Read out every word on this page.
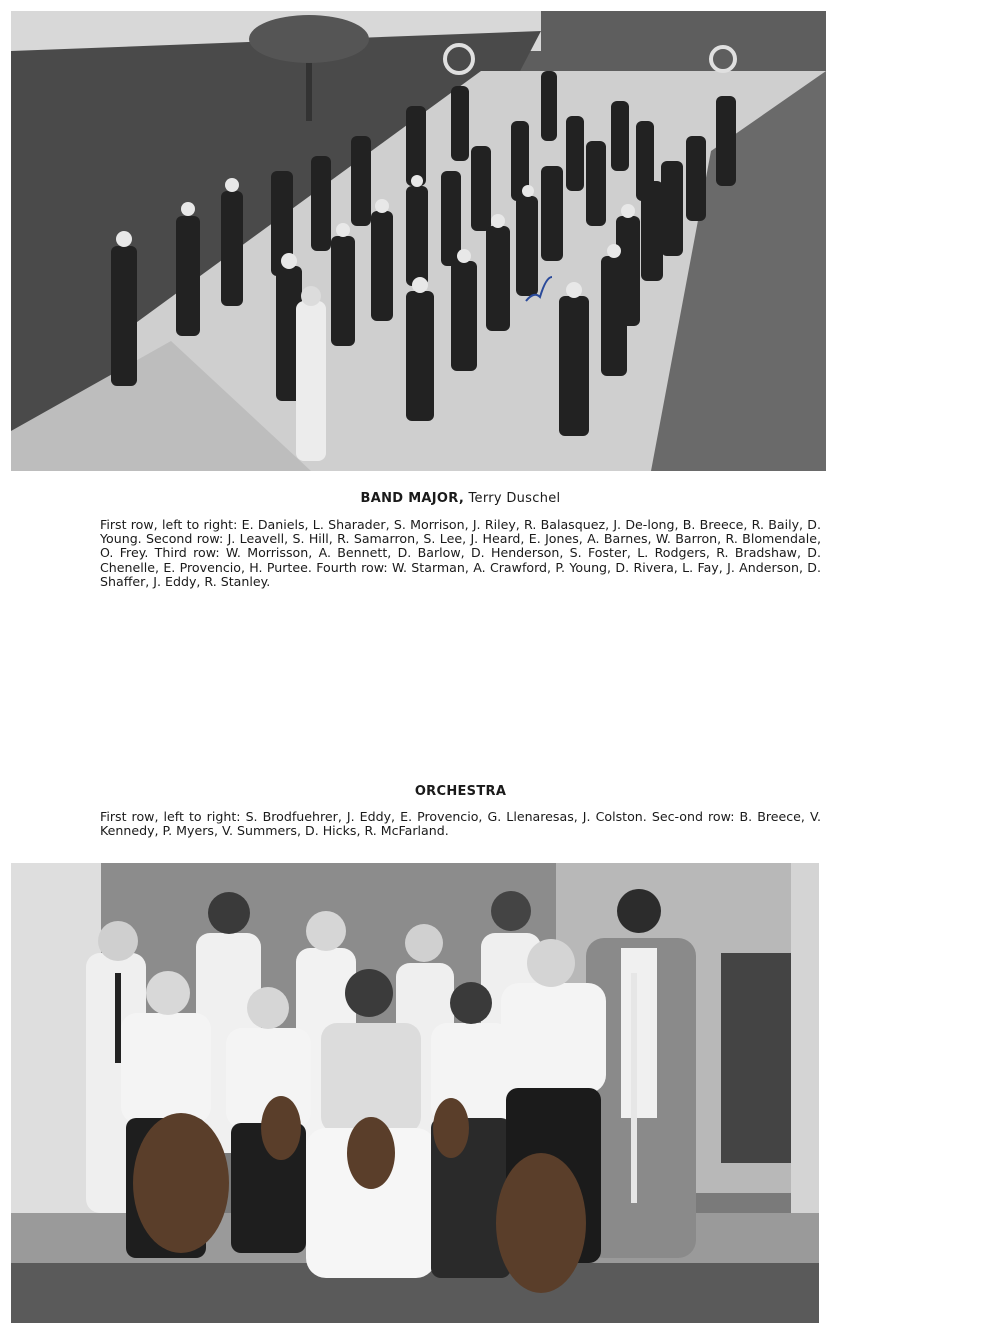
BAND MAJOR, Terry Duschel
First row, left to right: E. Daniels, L. Sharader, S. Morrison, J. Riley, R. Balasquez, J. De-long, B. Breece, R. Baily, D. Young. Second row: J. Leavell, S. Hill, R. Samarron, S. Lee, J. Heard, E. Jones, A. Barnes, W. Barron, R. Blomendale, O. Frey. Third row: W. Morrisson, A. Bennett, D. Barlow, D. Henderson, S. Foster, L. Rodgers, R. Bradshaw, D. Chenelle, E. Provencio, H. Purtee. Fourth row: W. Starman, A. Crawford, P. Young, D. Rivera, L. Fay, J. Anderson, D. Shaffer, J. Eddy, R. Stanley.
ORCHESTRA
First row, left to right: S. Brodfuehrer, J. Eddy, E. Provencio, G. Llenaresas, J. Colston. Sec-ond row: B. Breece, V. Kennedy, P. Myers, V. Summers, D. Hicks, R. McFarland.
